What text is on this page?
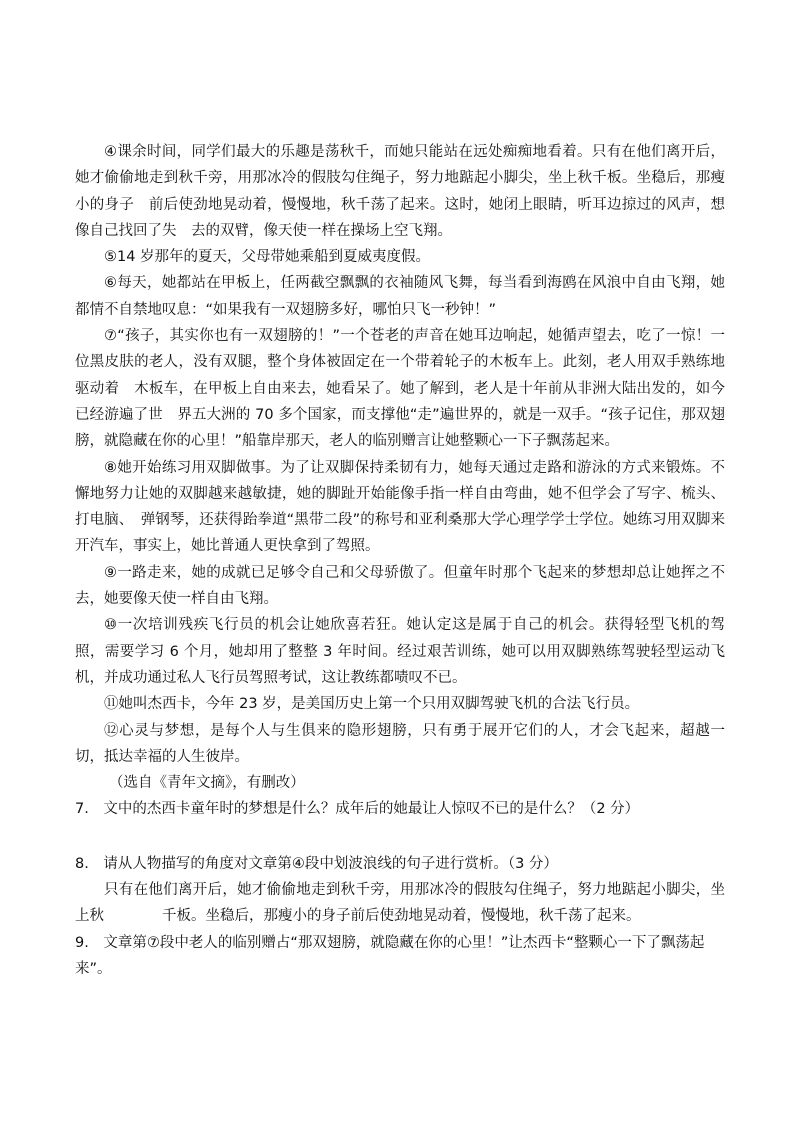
④课余时间，同学们最大的乐趣是荡秋千，而她只能站在远处痴痴地看着。只有在他们离开后，她才偷偷地走到秋千旁，用那冰冷的假肢勾住绳子，努力地踮起小脚尖，坐上秋千板。坐稳后，那瘦小的身子　前后使劲地晃动着，慢慢地，秋千荡了起来。这时，她闭上眼睛，听耳边掠过的风声，想像自己找回了失　去的双臂，像天使一样在操场上空飞翔。

⑤14 岁那年的夏天，父母带她乘船到夏威夷度假。

⑥每天，她都站在甲板上，任两截空飘飘的衣袖随风飞舞，每当看到海鸥在风浪中自由飞翔，她都情不自禁地叹息：“如果我有一双翅膀多好，哪怕只飞一秒钟！”

⑦“孩子，其实你也有一双翅膀的！”一个苍老的声音在她耳边响起，她循声望去，吃了一惊！一位黑皮肤的老人，没有双腿，整个身体被固定在一个带着轮子的木板车上。此刻，老人用双手熟练地驱动着　木板车，在甲板上自由来去，她看呆了。她了解到，老人是十年前从非洲大陆出发的，如今已经游遍了世　界五大洲的 70 多个国家，而支撑他“走”遍世界的，就是一双手。“孩子记住，那双翅膀，就隐藏在你的心里！”船靠岸那天，老人的临别赠言让她整颗心一下子飘荡起来。

⑧她开始练习用双脚做事。为了让双脚保持柔韧有力，她每天通过走路和游泳的方式来锻炼。不懈地努力让她的双脚越来越敏捷，她的脚趾开始能像手指一样自由弯曲，她不但学会了写字、梳头、打电脑、　弹钢琴，还获得跆拳道“黑带二段”的称号和亚利桑那大学心理学学士学位。她练习用双脚来开汽车，事实上，她比普通人更快拿到了驾照。

⑨一路走来，她的成就已足够令自己和父母骄傲了。但童年时那个飞起来的梦想却总让她挥之不去，她要像天使一样自由飞翔。

⑩一次培训残疾飞行员的机会让她欣喜若狂。她认定这是属于自己的机会。获得轻型飞机的驾照，需要学习 6 个月，她却用了整整 3 年时间。经过艰苦训练，她可以用双脚熟练驾驶轻型运动飞机，并成功通过私人飞行员驾照考试，这让教练都啧叹不已。

⑪她叫杰西卡，今年 23 岁，是美国历史上第一个只用双脚驾驶飞机的合法飞行员。

⑫心灵与梦想，是每个人与生俱来的隐形翅膀，只有勇于展开它们的人，才会飞起来，超越一切，抵达幸福的人生彼岸。

（选自《青年文摘》，有删改）

7.　文中的杰西卡童年时的梦想是什么？成年后的她最让人惊叹不已的是什么？（2 分）

8.　请从人物描写的角度对文章第④段中划波浪线的句子进行赏析。（3 分）

只有在他们离开后，她才偷偷地走到秋千旁，用那冰冷的假肢勾住绳子，努力地踮起小脚尖，坐上秋　　　　千板。坐稳后，那瘦小的身子前后使劲地晃动着，慢慢地，秋千荡了起来。

9.　文章第⑦段中老人的临别赠占“那双翅膀，就隐藏在你的心里！”让杰西卡“整颗心一下了飘荡起来”。
